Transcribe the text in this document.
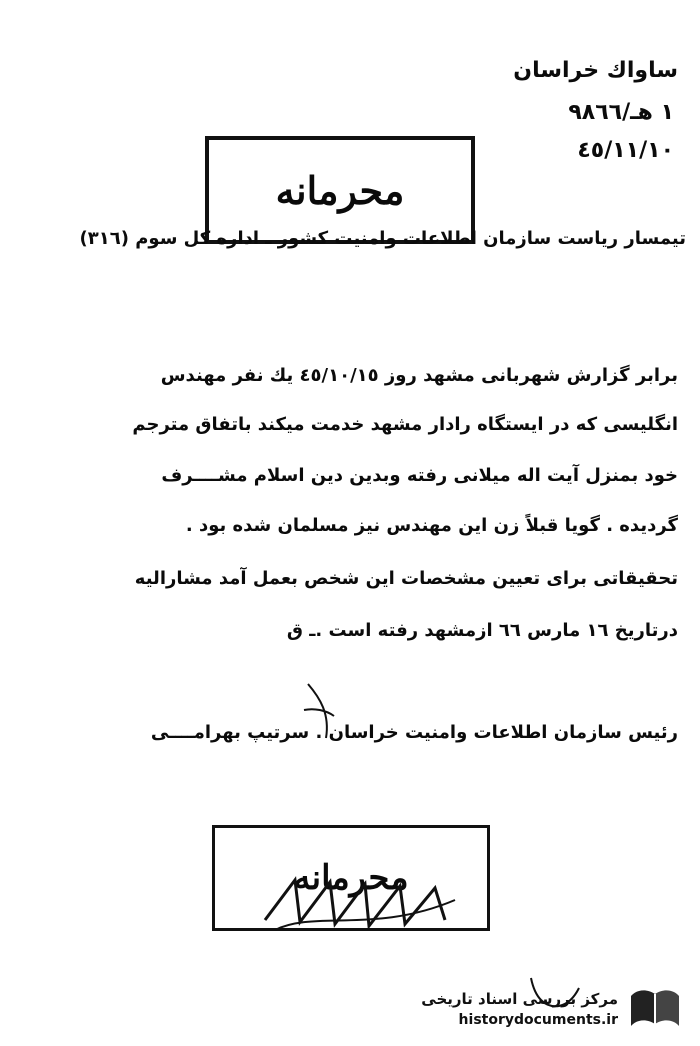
ساواك خراسان
١ هـ/٩٨٦٦
٤٥/١١/١٠
محرمانه
تیمسار ریاست سازمان اطلاعات وامنیت کشور ـ اداره کل سوم (٣١٦)
برابر گزارش شهربانی مشهد روز ٤٥/١٠/١٥ یك نفر مهندس
انگلیسی که در ایستگاه رادار مشهد خدمت میکند باتفاق مترجم
خود بمنزل آیت اله میلانی رفته وبدین دین اسلام مشــــرف
گردیده . گویا قبلاً زن این مهندس نیز مسلمان شده بود .
تحقیقاتی برای تعیین مشخصات این شخص بعمل آمد مشارالیه
درتاریخ ١٦ مارس ٦٦ ازمشهد رفته است .ـ ق
رئیس سازمان اطلاعات وامنیت خراسان . سرتیپ بهرامــــی
محرمانه
مرکز بررسی اسناد تاریخی
historydocuments.ir
